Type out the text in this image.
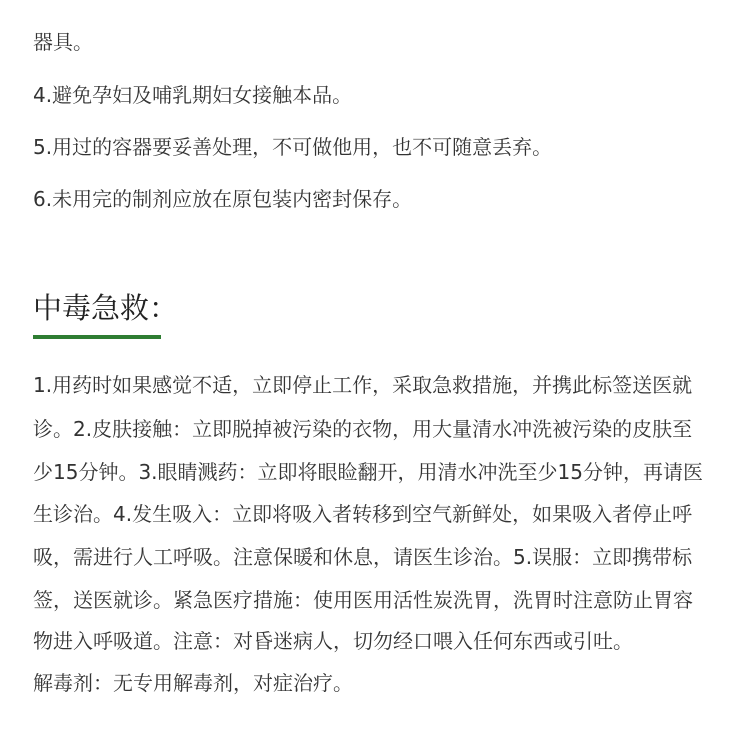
器具。
4.避免孕妇及哺乳期妇女接触本品。
5.用过的容器要妥善处理，不可做他用，也不可随意丢弃。
6.未用完的制剂应放在原包装内密封保存。
中毒急救：
1.用药时如果感觉不适，立即停止工作，采取急救措施，并携此标签送医就
诊。2.皮肤接触：立即脱掉被污染的衣物，用大量清水冲洗被污染的皮肤至
少15分钟。3.眼睛溅药：立即将眼睑翻开，用清水冲洗至少15分钟，再请医
生诊治。4.发生吸入：立即将吸入者转移到空气新鲜处，如果吸入者停止呼
吸，需进行人工呼吸。注意保暖和休息，请医生诊治。5.误服：立即携带标
签，送医就诊。紧急医疗措施：使用医用活性炭洗胃，洗胃时注意防止胃容
物进入呼吸道。注意：对昏迷病人，切勿经口喂入任何东西或引吐。
解毒剂：无专用解毒剂，对症治疗。
